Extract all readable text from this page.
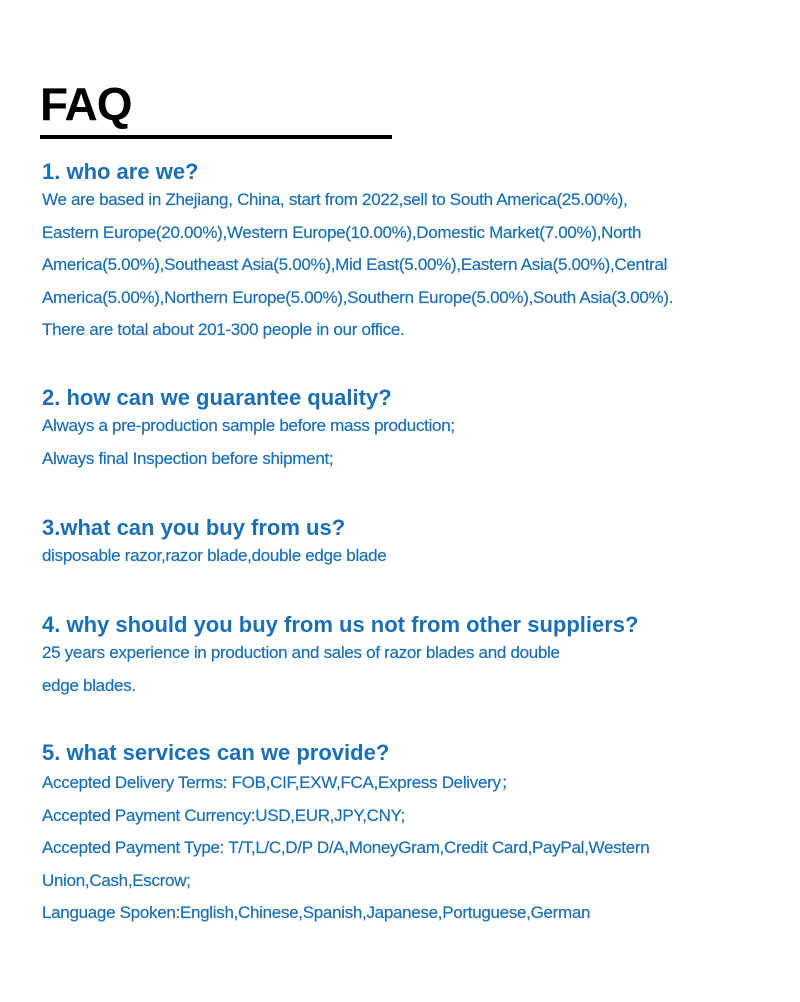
FAQ
1. who are we?

We are based in Zhejiang, China, start from 2022,sell to South America(25.00%),
Eastern Europe(20.00%),Western Europe(10.00%),Domestic Market(7.00%),North
America(5.00%),Southeast Asia(5.00%),Mid East(5.00%),Eastern Asia(5.00%),Central
America(5.00%),Northern Europe(5.00%),Southern Europe(5.00%),South Asia(3.00%).
There are total about 201-300 people in our office.

2. how can we guarantee quality?

Always a pre-production sample before mass production;
Always final Inspection before shipment;

3.what can you buy from us?

disposable razor,razor blade,double edge blade

4. why should you buy from us not from other suppliers?

25 years experience in production and sales of razor blades and double
edge blades.

5. what services can we provide?

Accepted Delivery Terms: FOB,CIF,EXW,FCA,Express Delivery；
Accepted Payment Currency:USD,EUR,JPY,CNY;
Accepted Payment Type: T/T,L/C,D/P D/A,MoneyGram,Credit Card,PayPal,Western
Union,Cash,Escrow;
Language Spoken:English,Chinese,Spanish,Japanese,Portuguese,German
